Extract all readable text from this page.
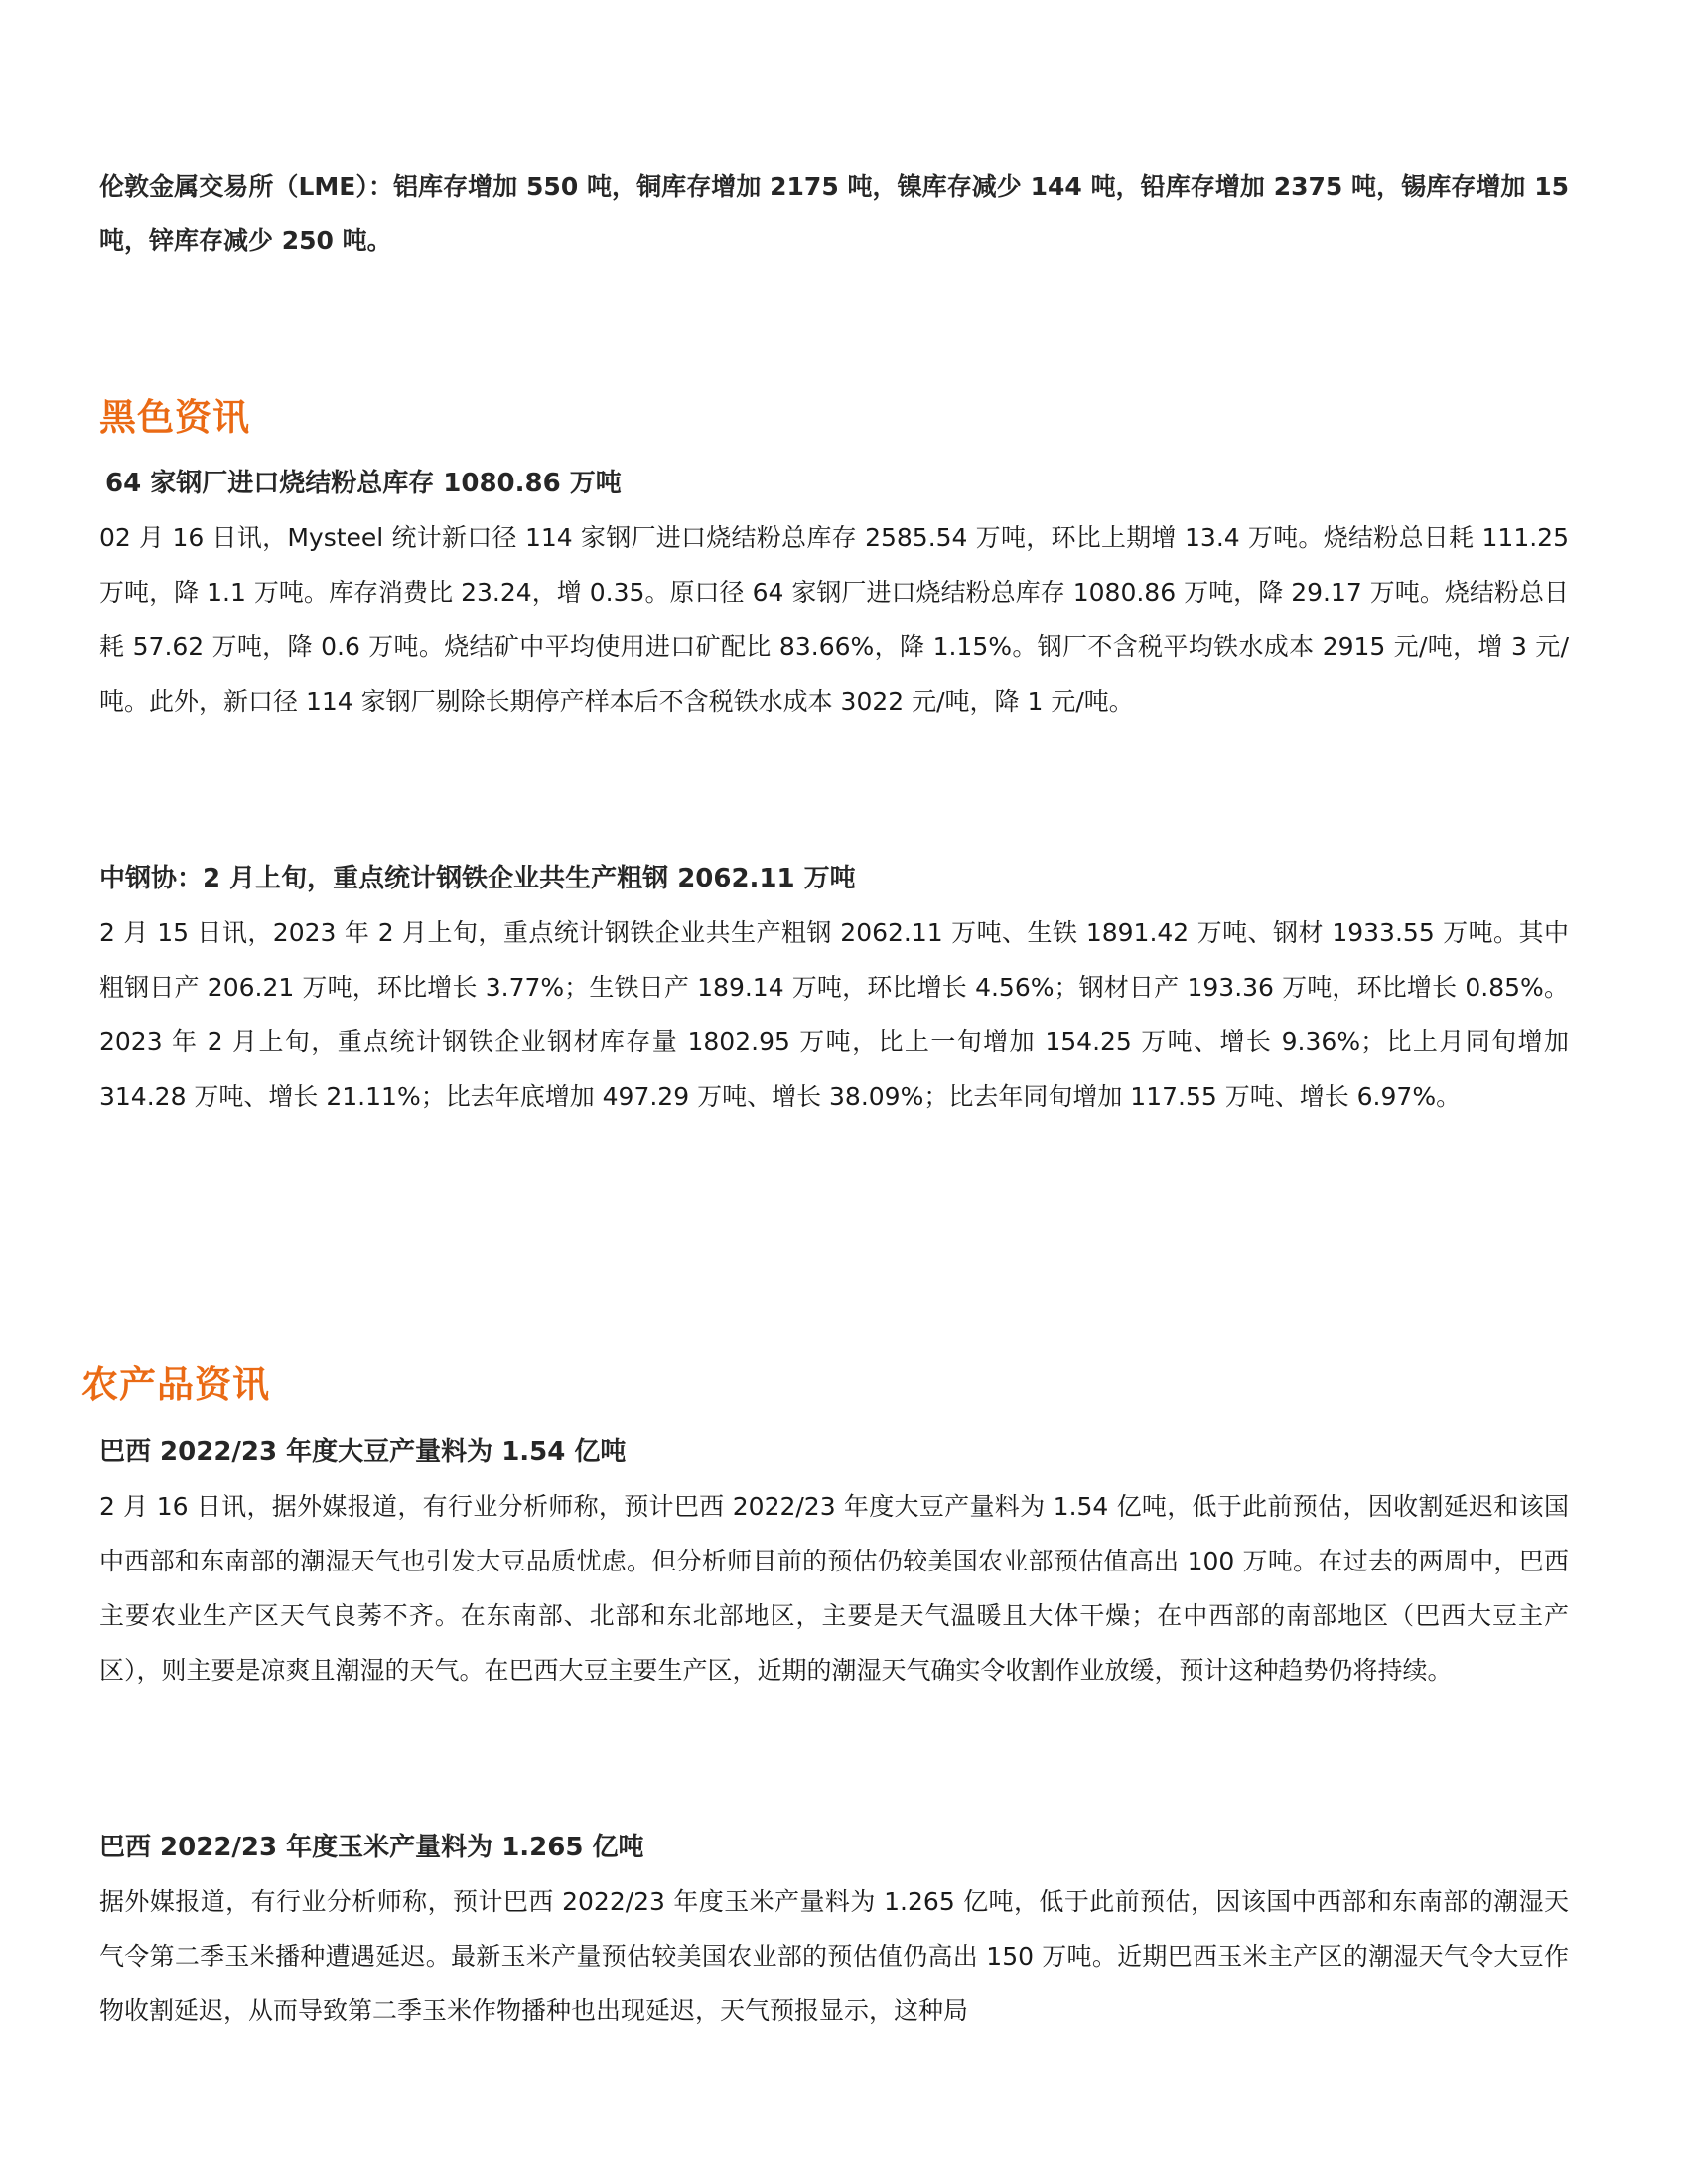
伦敦金属交易所（LME）：铝库存增加 550 吨，铜库存增加 2175 吨，镍库存减少 144 吨，铅库存增加 2375 吨，锡库存增加 15 吨，锌库存减少 250 吨。

黑色资讯
64 家钢厂进口烧结粉总库存 1080.86 万吨

02 月 16 日讯，Mysteel 统计新口径 114 家钢厂进口烧结粉总库存 2585.54 万吨，环比上期增 13.4 万吨。烧结粉总日耗 111.25 万吨，降 1.1 万吨。库存消费比 23.24，增 0.35。原口径 64 家钢厂进口烧结粉总库存 1080.86 万吨，降 29.17 万吨。烧结粉总日耗 57.62 万吨，降 0.6 万吨。烧结矿中平均使用进口矿配比 83.66%，降 1.15%。钢厂不含税平均铁水成本 2915 元/吨，增 3 元/吨。此外，新口径 114 家钢厂剔除长期停产样本后不含税铁水成本 3022 元/吨，降 1 元/吨。

中钢协：2 月上旬，重点统计钢铁企业共生产粗钢 2062.11 万吨

2 月 15 日讯，2023 年 2 月上旬，重点统计钢铁企业共生产粗钢 2062.11 万吨、生铁 1891.42 万吨、钢材 1933.55 万吨。其中粗钢日产 206.21 万吨，环比增长 3.77%；生铁日产 189.14 万吨，环比增长 4.56%；钢材日产 193.36 万吨，环比增长 0.85%。2023 年 2 月上旬，重点统计钢铁企业钢材库存量 1802.95 万吨，比上一旬增加 154.25 万吨、增长 9.36%；比上月同旬增加 314.28 万吨、增长 21.11%；比去年底增加 497.29 万吨、增长 38.09%；比去年同旬增加 117.55 万吨、增长 6.97%。

农产品资讯
巴西 2022/23 年度大豆产量料为 1.54 亿吨

2 月 16 日讯，据外媒报道，有行业分析师称，预计巴西 2022/23 年度大豆产量料为 1.54 亿吨，低于此前预估，因收割延迟和该国中西部和东南部的潮湿天气也引发大豆品质忧虑。但分析师目前的预估仍较美国农业部预估值高出 100 万吨。在过去的两周中，巴西主要农业生产区天气良莠不齐。在东南部、北部和东北部地区，主要是天气温暖且大体干燥；在中西部的南部地区（巴西大豆主产区），则主要是凉爽且潮湿的天气。在巴西大豆主要生产区，近期的潮湿天气确实令收割作业放缓，预计这种趋势仍将持续。

巴西 2022/23 年度玉米产量料为 1.265 亿吨

据外媒报道，有行业分析师称，预计巴西 2022/23 年度玉米产量料为 1.265 亿吨，低于此前预估，因该国中西部和东南部的潮湿天气令第二季玉米播种遭遇延迟。最新玉米产量预估较美国农业部的预估值仍高出 150 万吨。近期巴西玉米主产区的潮湿天气令大豆作物收割延迟，从而导致第二季玉米作物播种也出现延迟，天气预报显示，这种局
